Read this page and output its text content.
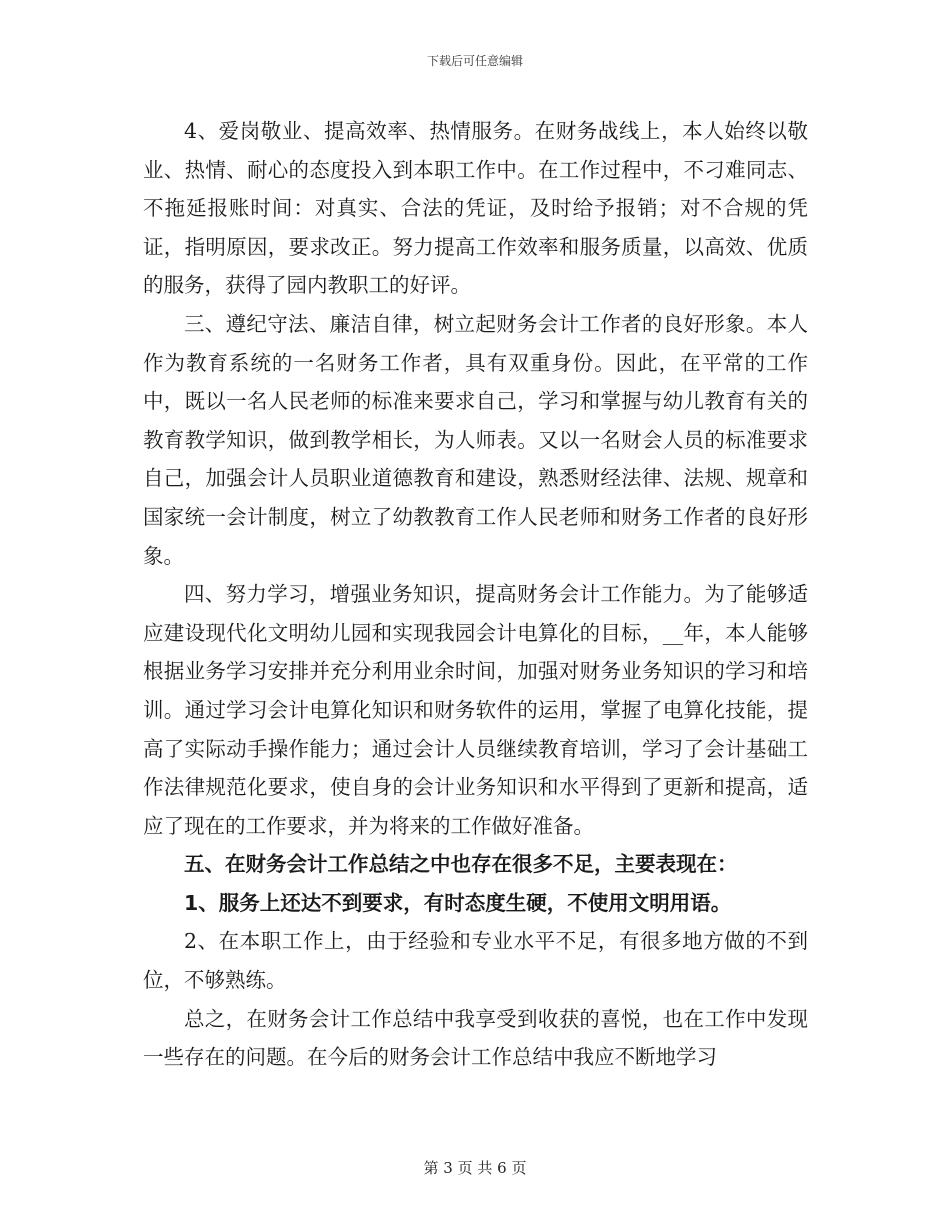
下载后可任意编辑

4、爱岗敬业、提高效率、热情服务。在财务战线上，本人始终以敬业、热情、耐心的态度投入到本职工作中。在工作过程中，不刁难同志、不拖延报账时间：对真实、合法的凭证，及时给予报销；对不合规的凭证，指明原因，要求改正。努力提高工作效率和服务质量，以高效、优质的服务，获得了园内教职工的好评。

三、遵纪守法、廉洁自律，树立起财务会计工作者的良好形象。本人作为教育系统的一名财务工作者，具有双重身份。因此，在平常的工作中，既以一名人民老师的标准来要求自己，学习和掌握与幼儿教育有关的教育教学知识，做到教学相长，为人师表。又以一名财会人员的标准要求自己，加强会计人员职业道德教育和建设，熟悉财经法律、法规、规章和国家统一会计制度，树立了幼教教育工作人民老师和财务工作者的良好形象。

四、努力学习，增强业务知识，提高财务会计工作能力。为了能够适应建设现代化文明幼儿园和实现我园会计电算化的目标，__年，本人能够根据业务学习安排并充分利用业余时间，加强对财务业务知识的学习和培训。通过学习会计电算化知识和财务软件的运用，掌握了电算化技能，提高了实际动手操作能力；通过会计人员继续教育培训，学习了会计基础工作法律规范化要求，使自身的会计业务知识和水平得到了更新和提高，适应了现在的工作要求，并为将来的工作做好准备。

五、在财务会计工作总结之中也存在很多不足，主要表现在：

1、服务上还达不到要求，有时态度生硬，不使用文明用语。

2、在本职工作上，由于经验和专业水平不足，有很多地方做的不到位，不够熟练。

总之，在财务会计工作总结中我享受到收获的喜悦，也在工作中发现一些存在的问题。在今后的财务会计工作总结中我应不断地学习

第 3 页 共 6 页
